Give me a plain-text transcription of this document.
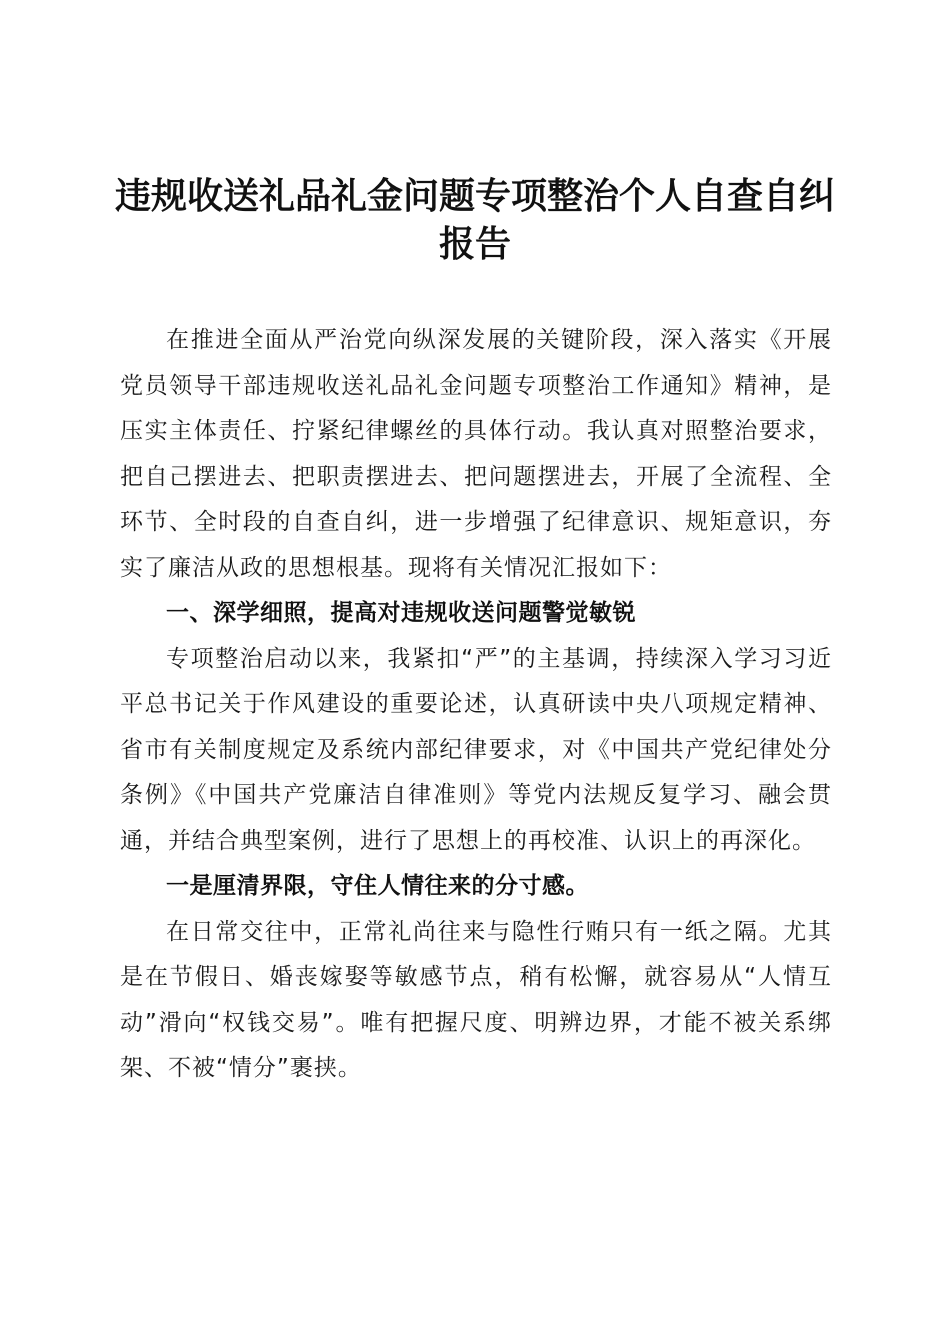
违规收送礼品礼金问题专项整治个人自查自纠
报告

在推进全面从严治党向纵深发展的关键阶段，深入落实《开展党员领导干部违规收送礼品礼金问题专项整治工作通知》精神，是压实主体责任、拧紧纪律螺丝的具体行动。我认真对照整治要求，把自己摆进去、把职责摆进去、把问题摆进去，开展了全流程、全环节、全时段的自查自纠，进一步增强了纪律意识、规矩意识，夯实了廉洁从政的思想根基。现将有关情况汇报如下：

一、深学细照，提高对违规收送问题警觉敏锐

专项整治启动以来，我紧扣“严”的主基调，持续深入学习习近平总书记关于作风建设的重要论述，认真研读中央八项规定精神、省市有关制度规定及系统内部纪律要求，对《中国共产党纪律处分条例》《中国共产党廉洁自律准则》等党内法规反复学习、融会贯通，并结合典型案例，进行了思想上的再校准、认识上的再深化。

一是厘清界限，守住人情往来的分寸感。

在日常交往中，正常礼尚往来与隐性行贿只有一纸之隔。尤其是在节假日、婚丧嫁娶等敏感节点，稍有松懈，就容易从“人情互动”滑向“权钱交易”。唯有把握尺度、明辨边界，才能不被关系绑架、不被“情分”裹挟。
